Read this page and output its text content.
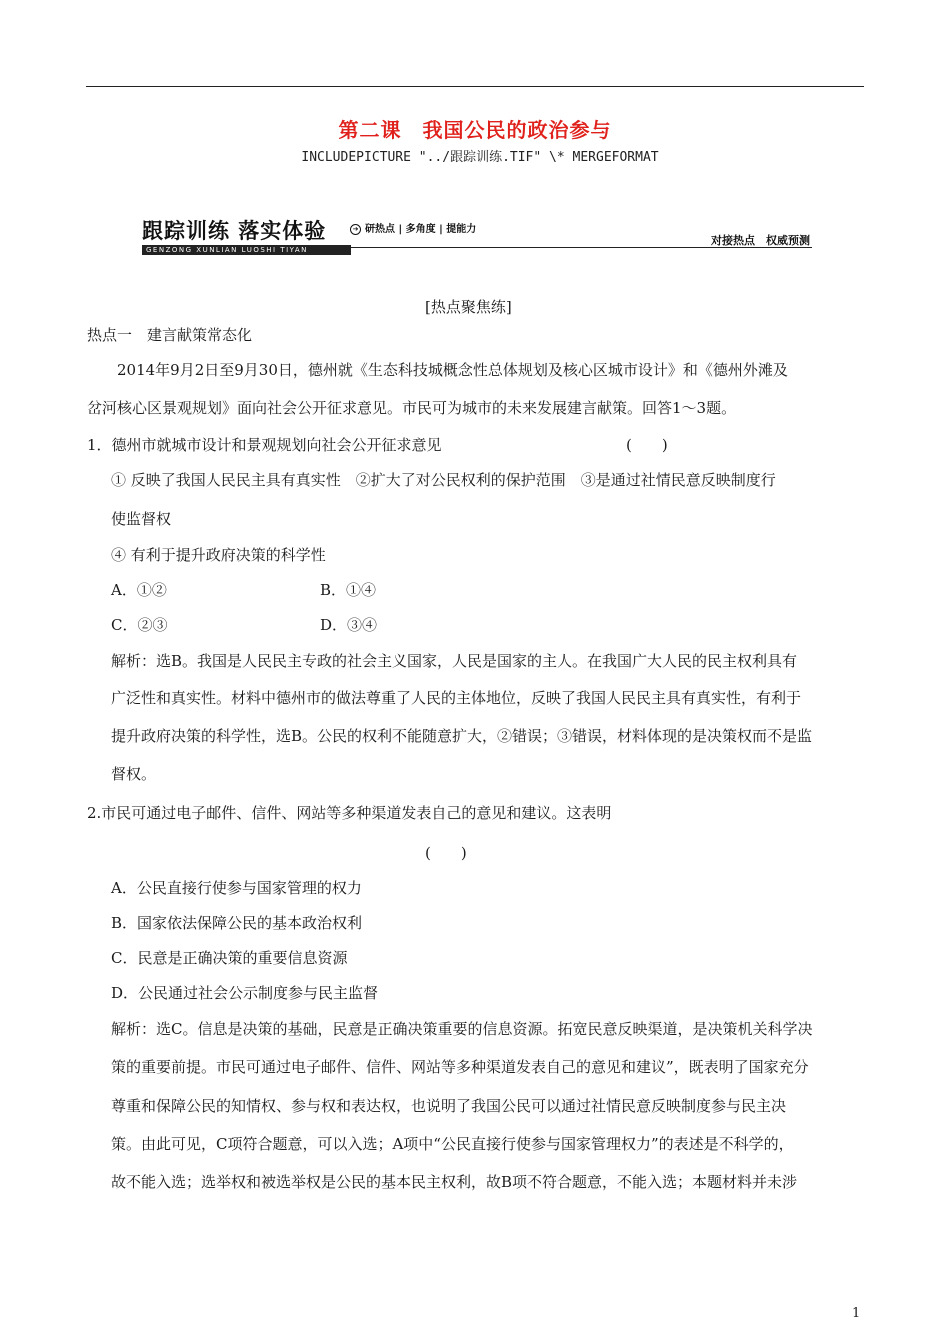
第二课　我国公民的政治参与
INCLUDEPICTURE "../跟踪训练.TIF" \* MERGEFORMAT
跟踪训练 落实体验
GENZONG XUNLIAN LUOSHI TIYAN
➔ 研热点 | 多角度 | 提能力
对接热点　权威预测
[热点聚焦练]
热点一　建言献策常态化
2014年9月2日至9月30日，德州就《生态科技城概念性总体规划及核心区城市设计》和《德州外滩及
岔河核心区景观规划》面向社会公开征求意见。市民可为城市的未来发展建言献策。回答1～3题。
1．德州市就城市设计和景观规划向社会公开征求意见	(　　)
① 反映了我国人民民主具有真实性　②扩大了对公民权利的保护范围　③是通过社情民意反映制度行
使监督权
④ 有利于提升政府决策的科学性
A．①②	B．①④
C．②③	D．③④
解析：选B。我国是人民民主专政的社会主义国家，人民是国家的主人。在我国广大人民的民主权利具有
广泛性和真实性。材料中德州市的做法尊重了人民的主体地位，反映了我国人民民主具有真实性，有利于
提升政府决策的科学性，选B。公民的权利不能随意扩大，②错误；③错误，材料体现的是决策权而不是监
督权。
2.市民可通过电子邮件、信件、网站等多种渠道发表自己的意见和建议。这表明
(　　)
A．公民直接行使参与国家管理的权力
B．国家依法保障公民的基本政治权利
C．民意是正确决策的重要信息资源
D．公民通过社会公示制度参与民主监督
解析：选C。信息是决策的基础，民意是正确决策重要的信息资源。拓宽民意反映渠道，是决策机关科学决
策的重要前提。市民可通过电子邮件、信件、网站等多种渠道发表自己的意见和建议”，既表明了国家充分
尊重和保障公民的知情权、参与权和表达权，也说明了我国公民可以通过社情民意反映制度参与民主决
策。由此可见，C项符合题意，可以入选；A项中“公民直接行使参与国家管理权力”的表述是不科学的，
故不能入选；选举权和被选举权是公民的基本民主权利，故B项不符合题意，不能入选；本题材料并未涉
1
